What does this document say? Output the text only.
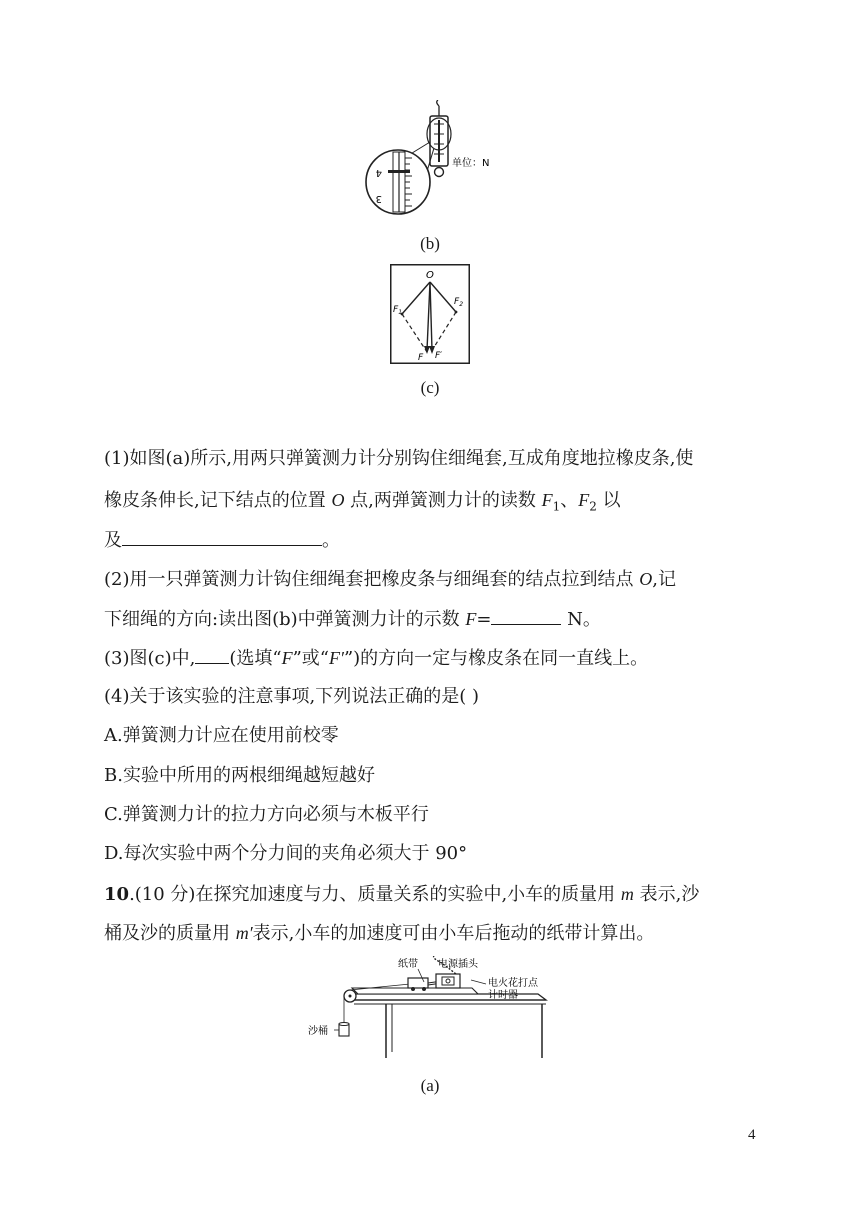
4
3
单位：N
(b)
O
$F_1$
$F_2$
F F′
(c)
(1)如图(a)所示,用两只弹簧测力计分别钩住细绳套,互成角度地拉橡皮条,使
橡皮条伸长,记下结点的位置 O 点,两弹簧测力计的读数 $F_1$、$F_2$ 以
及	。
(2)用一只弹簧测力计钩住细绳套把橡皮条与细绳套的结点拉到结点 O,记
下细绳的方向:读出图(b)中弹簧测力计的示数 F=	N。
(3)图(c)中, (选填“F”或“F′”)的方向一定与橡皮条在同一直线上。
(4)关于该实验的注意事项,下列说法正确的是( )
A.弹簧测力计应在使用前校零
B.实验中所用的两根细绳越短越好
C.弹簧测力计的拉力方向必须与木板平行
D.每次实验中两个分力间的夹角必须大于 90°
10.(10 分)在探究加速度与力、质量关系的实验中,小车的质量用 m 表示,沙
桶及沙的质量用 m′表示,小车的加速度可由小车后拖动的纸带计算出。
纸带 电源插头
电火花打点
计时器
沙桶
(a)
4
